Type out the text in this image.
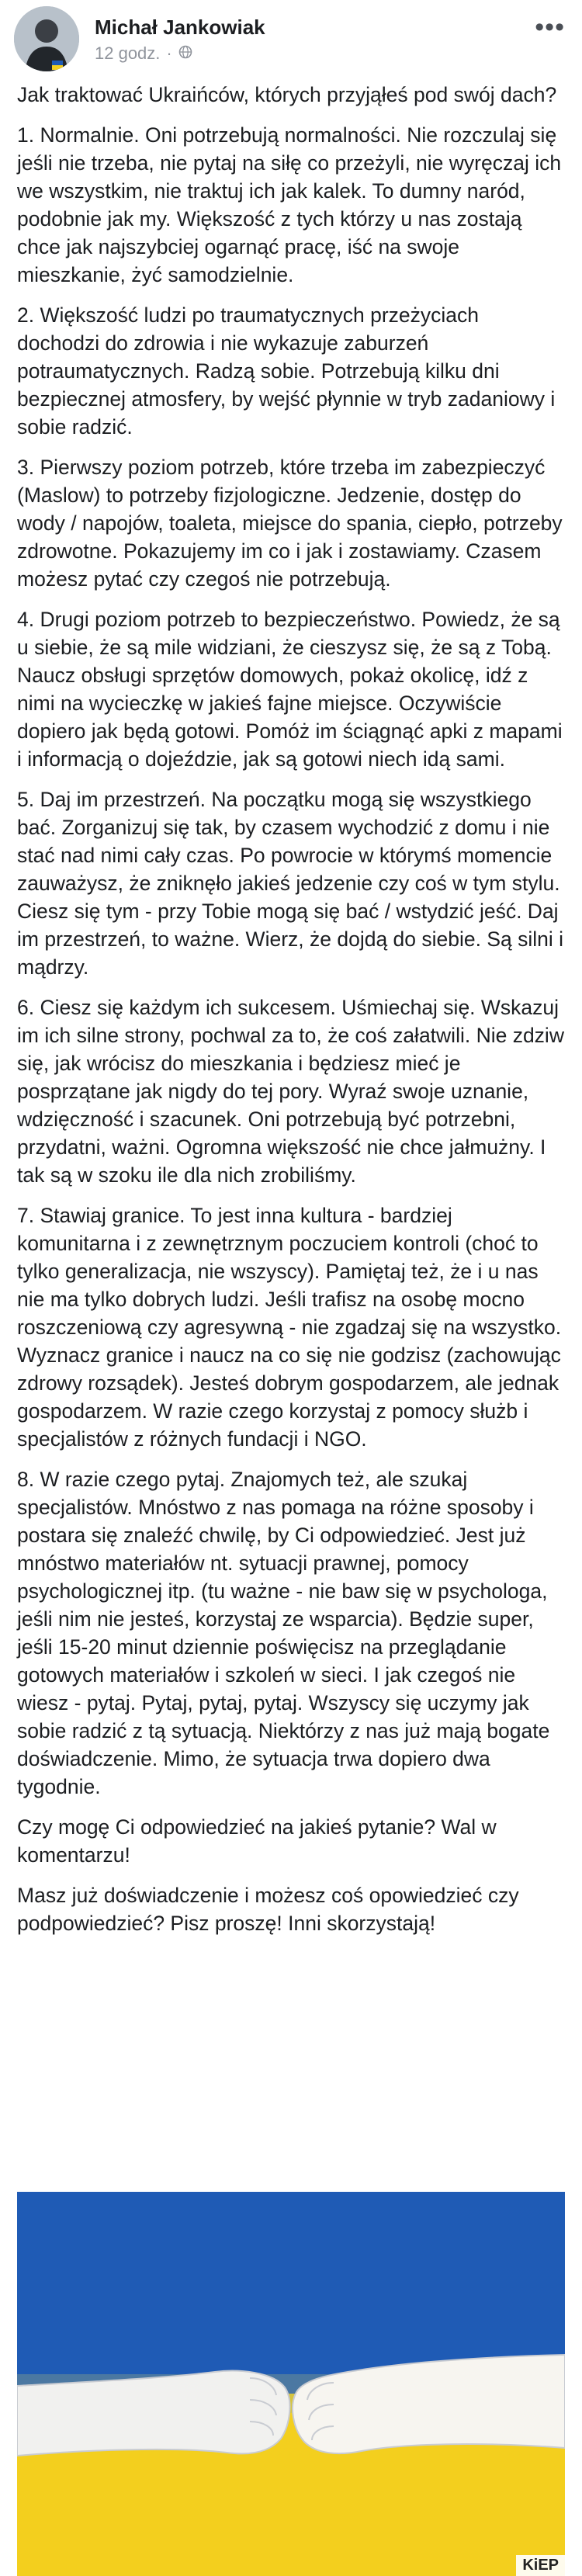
Michał Jankowiak
12 godz. ·
•••

Jak traktować Ukraińców, których przyjąłeś pod swój dach?

1. Normalnie. Oni potrzebują normalności. Nie rozczulaj się jeśli nie trzeba, nie pytaj na siłę co przeżyli, nie wyręczaj ich we wszystkim, nie traktuj ich jak kalek. To dumny naród, podobnie jak my. Większość z tych którzy u nas zostają chce jak najszybciej ogarnąć pracę, iść na swoje mieszkanie, żyć samodzielnie.

2. Większość ludzi po traumatycznych przeżyciach dochodzi do zdrowia i nie wykazuje zaburzeń potraumatycznych. Radzą sobie. Potrzebują kilku dni bezpiecznej atmosfery, by wejść płynnie w tryb zadaniowy i sobie radzić.

3. Pierwszy poziom potrzeb, które trzeba im zabezpieczyć (Maslow) to potrzeby fizjologiczne. Jedzenie, dostęp do wody / napojów, toaleta, miejsce do spania, ciepło, potrzeby zdrowotne. Pokazujemy im co i jak i zostawiamy. Czasem możesz pytać czy czegoś nie potrzebują.

4. Drugi poziom potrzeb to bezpieczeństwo. Powiedz, że są u siebie, że są mile widziani, że cieszysz się, że są z Tobą. Naucz obsługi sprzętów domowych, pokaż okolicę, idź z nimi na wycieczkę w jakieś fajne miejsce. Oczywiście dopiero jak będą gotowi. Pomóż im ściągnąć apki z mapami i informacją o dojeździe, jak są gotowi niech idą sami.

5. Daj im przestrzeń. Na początku mogą się wszystkiego bać. Zorganizuj się tak, by czasem wychodzić z domu i nie stać nad nimi cały czas. Po powrocie w którymś momencie zauważysz, że zniknęło jakieś jedzenie czy coś w tym stylu. Ciesz się tym - przy Tobie mogą się bać / wstydzić jeść. Daj im przestrzeń, to ważne. Wierz, że dojdą do siebie. Są silni i mądrzy.

6. Ciesz się każdym ich sukcesem. Uśmiechaj się. Wskazuj im ich silne strony, pochwal za to, że coś załatwili. Nie zdziw się, jak wrócisz do mieszkania i będziesz mieć je posprzątane jak nigdy do tej pory. Wyraź swoje uznanie, wdzięczność i szacunek. Oni potrzebują być potrzebni, przydatni, ważni. Ogromna większość nie chce jałmużny. I tak są w szoku ile dla nich zrobiliśmy.

7. Stawiaj granice. To jest inna kultura - bardziej komunitarna i z zewnętrznym poczuciem kontroli (choć to tylko generalizacja, nie wszyscy). Pamiętaj też, że i u nas nie ma tylko dobrych ludzi. Jeśli trafisz na osobę mocno roszczeniową czy agresywną - nie zgadzaj się na wszystko. Wyznacz granice i naucz na co się nie godzisz (zachowując zdrowy rozsądek). Jesteś dobrym gospodarzem, ale jednak gospodarzem. W razie czego korzystaj z pomocy służb i specjalistów z różnych fundacji i NGO.

8. W razie czego pytaj. Znajomych też, ale szukaj specjalistów. Mnóstwo z nas pomaga na różne sposoby i postara się znaleźć chwilę, by Ci odpowiedzieć. Jest już mnóstwo materiałów nt. sytuacji prawnej, pomocy psychologicznej itp. (tu ważne - nie baw się w psychologa, jeśli nim nie jesteś, korzystaj ze wsparcia). Będzie super, jeśli 15-20 minut dziennie poświęcisz na przeglądanie gotowych materiałów i szkoleń w sieci. I jak czegoś nie wiesz - pytaj. Pytaj, pytaj, pytaj. Wszyscy się uczymy jak sobie radzić z tą sytuacją. Niektórzy z nas już mają bogate doświadczenie. Mimo, że sytuacja trwa dopiero dwa tygodnie.

Czy mogę Ci odpowiedzieć na jakieś pytanie? Wal w komentarzu!

Masz już doświadczenie i możesz coś opowiedzieć czy podpowiedzieć? Pisz proszę! Inni skorzystają!

KiEP
